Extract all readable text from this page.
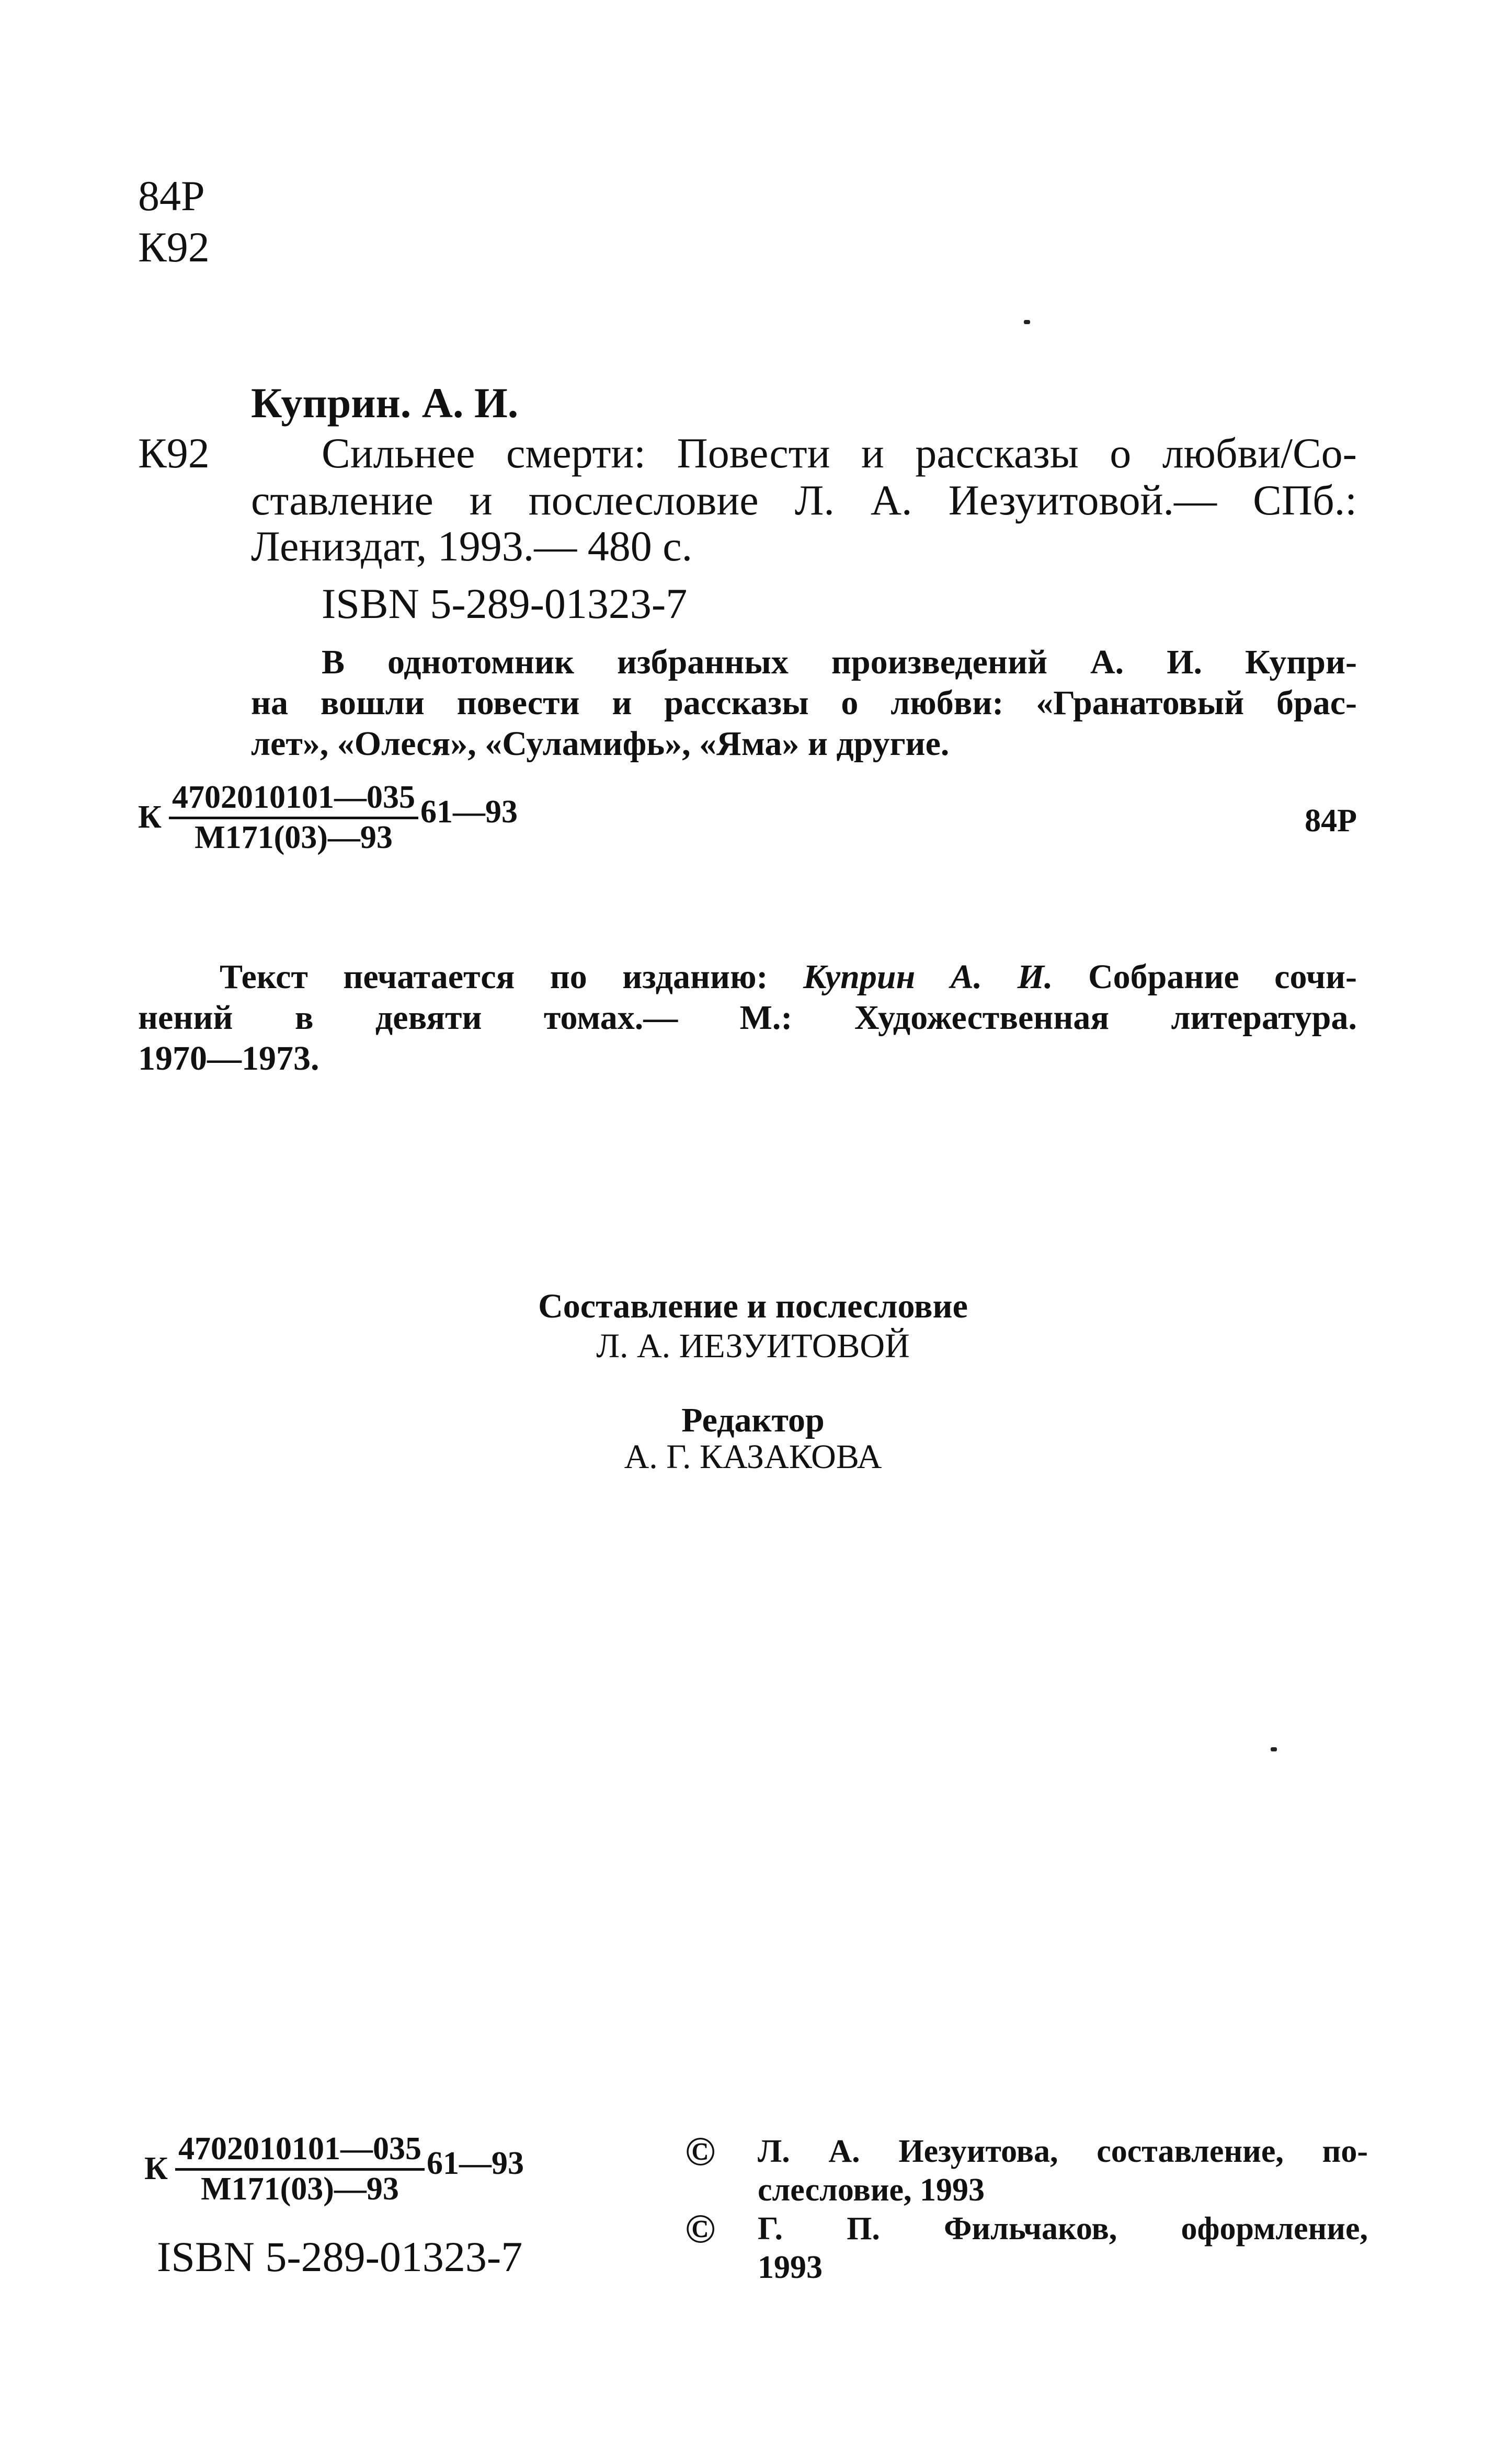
84Р
К92
Куприн. А. И.
К92	Сильнее смерти: Повести и рассказы о любви/Со-
ставление и послесловие Л. А. Иезуитовой.— СПб.:
Лениздат, 1993.— 480 с.
ISBN 5-289-01323-7
В однотомник избранных произведений А. И. Купри-
на вошли повести и рассказы о любви: «Гранатовый брас-
лет», «Олеся», «Суламифь», «Яма» и другие.
К $\frac{4702010101—035}{М171(03)—93}$ 61—93	84Р
Текст печатается по изданию: Куприн А. И. Собрание сочи-
нений в девяти томах.— М.: Художественная литература.
1970—1973.
Составление и послесловие
Л. А. ИЕЗУИТОВОЙ
Редактор
А. Г. КАЗАКОВА
К $\frac{4702010101—035}{М171(03)—93}$ 61—93
ISBN 5-289-01323-7
© Л. А. Иезуитова, составление, по-
слесловие, 1993
© Г. П. Фильчаков, оформление,
1993
